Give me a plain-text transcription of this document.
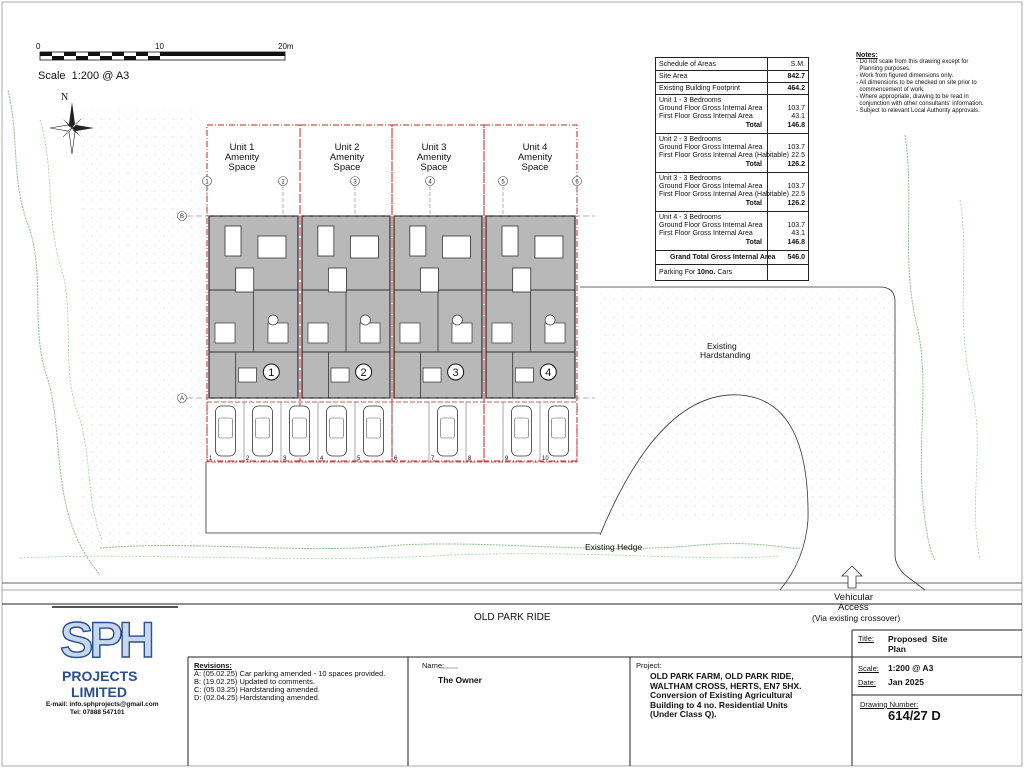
1	2	3	4
1	2	3	4	5	6	7	8	9	10
1	2	3	4	5	6
B
A
0	10	20m
Scale  1:200 @ A3
N
Unit 1
Amenity
Space
Unit 2
Amenity
Space
Unit 3
Amenity
Space
Unit 4
Amenity
Space
Existing
Hardstanding
Existing Hedge
OLD PARK RIDE
Vehicular
Access
(Via existing crossover)
Schedule of Areas	S.M.
Site Area	842.7
Existing Building Footprint	464.2
Unit 1 - 3 Bedrooms
Ground Floor Gross Internal Area	103.7
First Floor Gross Internal Area	43.1
Total	146.8
Unit 2 - 3 Bedrooms
Ground Floor Gross Internal Area	103.7
First Floor Gross Internal Area (Habitable) 22.5
Total	126.2
Unit 3 - 3 Bedrooms
Ground Floor Gross Internal Area	103.7
First Floor Gross Internal Area (Habitable) 22.5
Total	126.2
Unit 4 - 3 Bedrooms
Ground Floor Gross Internal Area	103.7
First Floor Gross Internal Area	43.1
Total	146.8
Grand Total Gross Internal Area 546.0
Parking For 10no. Cars
Notes:
- Do not scale from this drawing except for
Planning purposes.
- Work from figured dimensions only.
- All dimensions to be checked on site prior to
commencement of work.
- Where appropriate, drawing to be read in
conjunction with other consultants' information.
- Subject to relevant Local Authority approvals.
SPH
PROJECTS
LIMITED
E-mail: info.sphprojects@gmail.com
Tel: 07888 547101
Revisions:
A: (05.02.25) Car parking amended - 10 spaces provided.
B: (19.02.25) Updated to comments.
C: (05.03.25) Hardstanding amended.
D: (02.04.25) Hardstanding amended.
Name:
The Owner
Project:
OLD PARK FARM, OLD PARK RIDE,
WALTHAM CROSS, HERTS, EN7 5HX.
Conversion of Existing Agricultural
Building to 4 no. Residential Units
(Under Class Q).
Title: Proposed  Site
Plan
Scale: 1:200 @ A3
Date: Jan 2025
Drawing Number:
614/27 D
